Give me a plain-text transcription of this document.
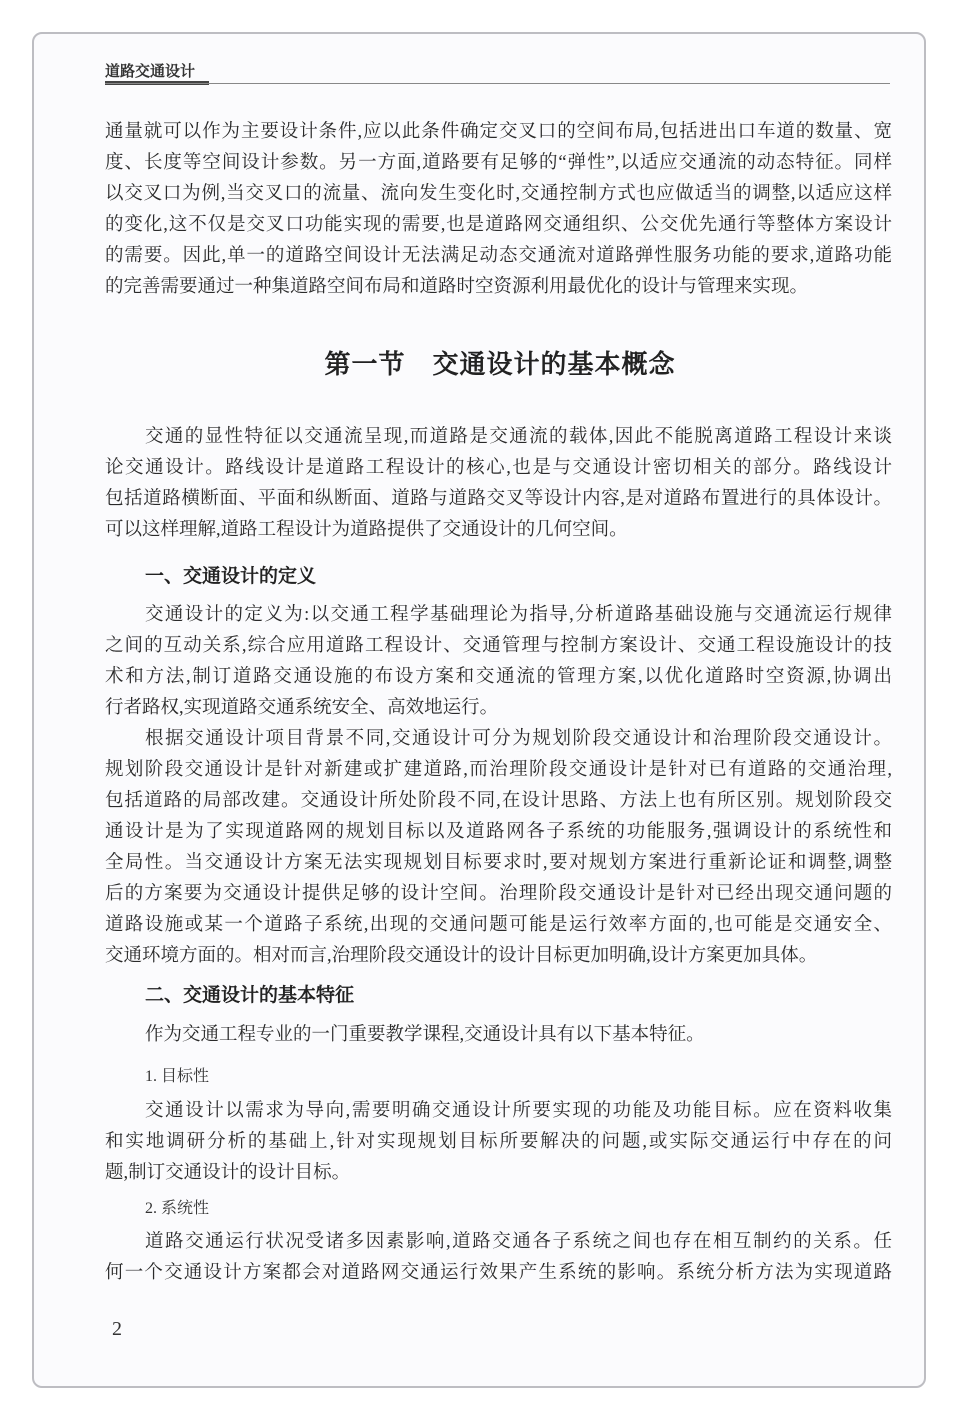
道路交通设计
第一节　交通设计的基本概念
一、交通设计的定义
二、交通设计的基本特征
1. 目标性
2. 系统性
2
通量就可以作为主要设计条件,应以此条件确定交叉口的空间布局,包括进出口车道的数量、宽
度、长度等空间设计参数。另一方面,道路要有足够的“弹性”,以适应交通流的动态特征。同样
以交叉口为例,当交叉口的流量、流向发生变化时,交通控制方式也应做适当的调整,以适应这样
的变化,这不仅是交叉口功能实现的需要,也是道路网交通组织、公交优先通行等整体方案设计
的需要。因此,单一的道路空间设计无法满足动态交通流对道路弹性服务功能的要求,道路功能
的完善需要通过一种集道路空间布局和道路时空资源利用最优化的设计与管理来实现。
交通的显性特征以交通流呈现,而道路是交通流的载体,因此不能脱离道路工程设计来谈
论交通设计。路线设计是道路工程设计的核心,也是与交通设计密切相关的部分。路线设计
包括道路横断面、平面和纵断面、道路与道路交叉等设计内容,是对道路布置进行的具体设计。
可以这样理解,道路工程设计为道路提供了交通设计的几何空间。
交通设计的定义为:以交通工程学基础理论为指导,分析道路基础设施与交通流运行规律
之间的互动关系,综合应用道路工程设计、交通管理与控制方案设计、交通工程设施设计的技
术和方法,制订道路交通设施的布设方案和交通流的管理方案,以优化道路时空资源,协调出
行者路权,实现道路交通系统安全、高效地运行。
根据交通设计项目背景不同,交通设计可分为规划阶段交通设计和治理阶段交通设计。
规划阶段交通设计是针对新建或扩建道路,而治理阶段交通设计是针对已有道路的交通治理,
包括道路的局部改建。交通设计所处阶段不同,在设计思路、方法上也有所区别。规划阶段交
通设计是为了实现道路网的规划目标以及道路网各子系统的功能服务,强调设计的系统性和
全局性。当交通设计方案无法实现规划目标要求时,要对规划方案进行重新论证和调整,调整
后的方案要为交通设计提供足够的设计空间。治理阶段交通设计是针对已经出现交通问题的
道路设施或某一个道路子系统,出现的交通问题可能是运行效率方面的,也可能是交通安全、
交通环境方面的。相对而言,治理阶段交通设计的设计目标更加明确,设计方案更加具体。
作为交通工程专业的一门重要教学课程,交通设计具有以下基本特征。
交通设计以需求为导向,需要明确交通设计所要实现的功能及功能目标。应在资料收集
和实地调研分析的基础上,针对实现规划目标所要解决的问题,或实际交通运行中存在的问
题,制订交通设计的设计目标。
道路交通运行状况受诸多因素影响,道路交通各子系统之间也存在相互制约的关系。任
何一个交通设计方案都会对道路网交通运行效果产生系统的影响。系统分析方法为实现道路
